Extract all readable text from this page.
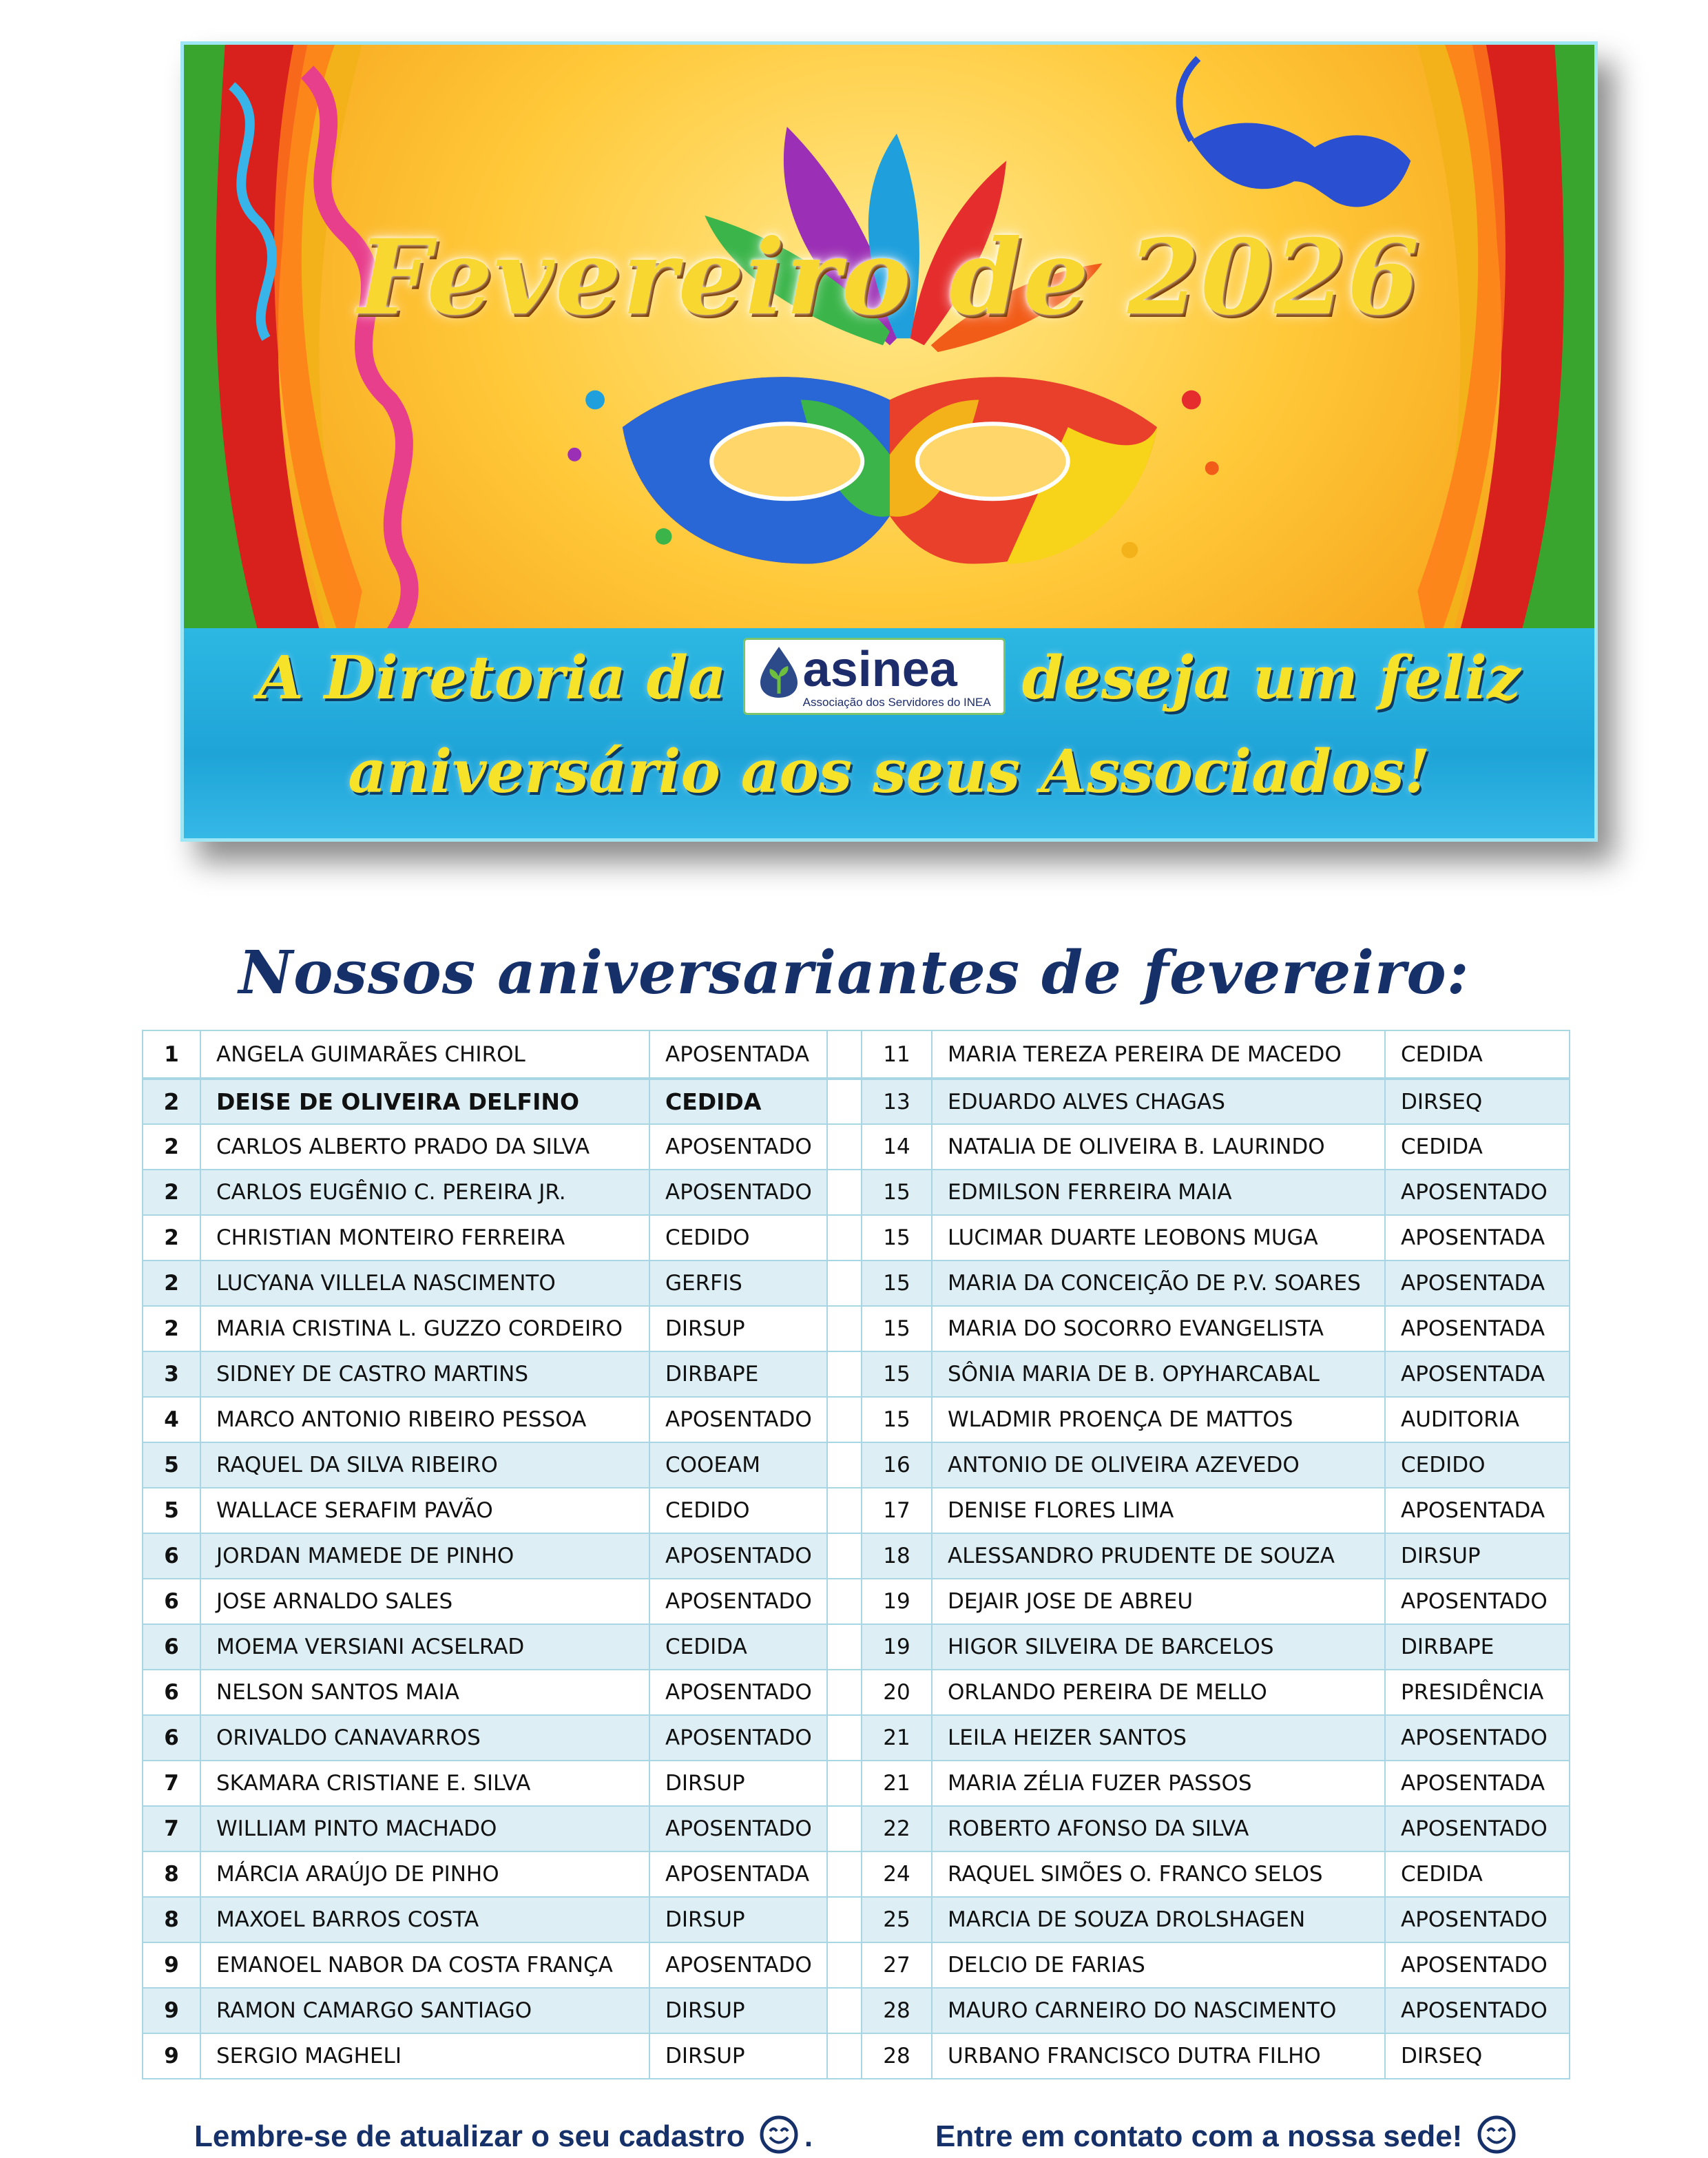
Fevereiro de 2026
A Diretoria da asinea
Associação dos Servidores do INEA deseja um feliz
aniversário aos seus Associados!
Nossos aniversariantes de fevereiro:
1	ANGELA GUIMARÃES CHIROL	APOSENTADA		11	MARIA TEREZA PEREIRA DE MACEDO	CEDIDA
2	DEISE DE OLIVEIRA DELFINO	CEDIDA		13	EDUARDO ALVES CHAGAS	DIRSEQ
2	CARLOS ALBERTO PRADO DA SILVA	APOSENTADO		14	NATALIA DE OLIVEIRA B. LAURINDO	CEDIDA
2	CARLOS EUGÊNIO C. PEREIRA JR.	APOSENTADO		15	EDMILSON FERREIRA MAIA	APOSENTADO
2	CHRISTIAN MONTEIRO FERREIRA	CEDIDO		15	LUCIMAR DUARTE LEOBONS MUGA	APOSENTADA
2	LUCYANA VILLELA NASCIMENTO	GERFIS		15	MARIA DA CONCEIÇÃO DE P.V. SOARES	APOSENTADA
2	MARIA CRISTINA L. GUZZO CORDEIRO	DIRSUP		15	MARIA DO SOCORRO EVANGELISTA	APOSENTADA
3	SIDNEY DE CASTRO MARTINS	DIRBAPE		15	SÔNIA MARIA DE B. OPYHARCABAL	APOSENTADA
4	MARCO ANTONIO RIBEIRO PESSOA	APOSENTADO		15	WLADMIR PROENÇA DE MATTOS	AUDITORIA
5	RAQUEL DA SILVA RIBEIRO	COOEAM		16	ANTONIO DE OLIVEIRA AZEVEDO	CEDIDO
5	WALLACE SERAFIM PAVÃO	CEDIDO		17	DENISE FLORES LIMA	APOSENTADA
6	JORDAN MAMEDE DE PINHO	APOSENTADO		18	ALESSANDRO PRUDENTE DE SOUZA	DIRSUP
6	JOSE ARNALDO SALES	APOSENTADO		19	DEJAIR JOSE DE ABREU	APOSENTADO
6	MOEMA VERSIANI ACSELRAD	CEDIDA		19	HIGOR SILVEIRA DE BARCELOS	DIRBAPE
6	NELSON SANTOS MAIA	APOSENTADO		20	ORLANDO PEREIRA DE MELLO	PRESIDÊNCIA
6	ORIVALDO CANAVARROS	APOSENTADO		21	LEILA HEIZER SANTOS	APOSENTADO
7	SKAMARA CRISTIANE E. SILVA	DIRSUP		21	MARIA ZÉLIA FUZER PASSOS	APOSENTADA
7	WILLIAM PINTO MACHADO	APOSENTADO		22	ROBERTO AFONSO DA SILVA	APOSENTADO
8	MÁRCIA ARAÚJO DE PINHO	APOSENTADA		24	RAQUEL SIMÕES O. FRANCO SELOS	CEDIDA
8	MAXOEL BARROS COSTA	DIRSUP		25	MARCIA DE SOUZA DROLSHAGEN	APOSENTADO
9	EMANOEL NABOR DA COSTA FRANÇA	APOSENTADO		27	DELCIO DE FARIAS	APOSENTADO
9	RAMON CAMARGO SANTIAGO	DIRSUP		28	MAURO CARNEIRO DO NASCIMENTO	APOSENTADO
9	SERGIO MAGHELI	DIRSUP		28	URBANO FRANCISCO DUTRA FILHO	DIRSEQ
Lembre-se de atualizar o seu cadastro .	Entre em contato com a nossa sede!
